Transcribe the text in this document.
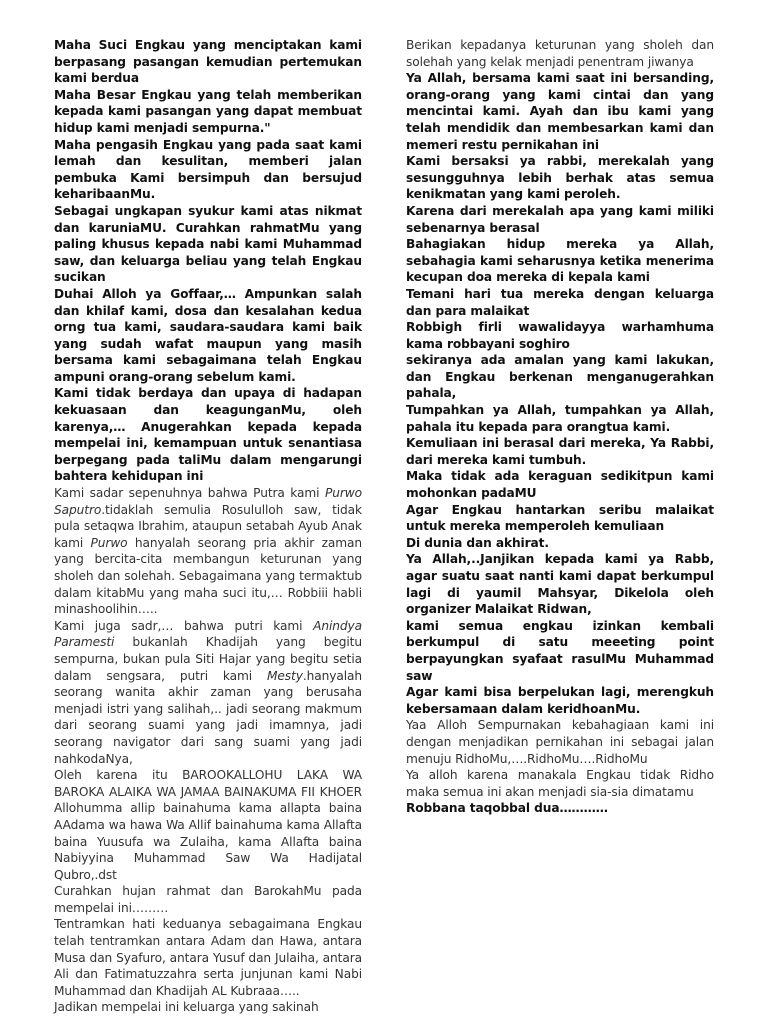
Maha Suci Engkau yang menciptakan kami berpasang pasangan kemudian pertemukan kami berdua

Maha Besar Engkau yang telah memberikan kepada kami pasangan yang dapat membuat hidup kami menjadi sempurna."

Maha pengasih Engkau yang pada saat kami lemah dan kesulitan, memberi jalan pembuka Kami bersimpuh dan bersujud keharibaanMu.

Sebagai ungkapan syukur kami atas nikmat dan karuniaMU. Curahkan rahmatMu yang paling khusus kepada nabi kami Muhammad saw, dan keluarga beliau yang telah Engkau sucikan

Duhai Alloh ya Goffaar,… Ampunkan salah dan khilaf kami, dosa dan kesalahan kedua orng tua kami, saudara-saudara kami baik yang sudah wafat maupun yang masih bersama kami sebagaimana telah Engkau ampuni orang-orang sebelum kami.

Kami tidak berdaya dan upaya di hadapan kekuasaan dan keagunganMu, oleh karenya,… Anugerahkan kepada kepada mempelai ini, kemampuan untuk senantiasa berpegang pada taliMu dalam mengarungi bahtera kehidupan ini

Kami sadar sepenuhnya bahwa Putra kami Purwo Saputro.tidaklah semulia Rosululloh saw, tidak pula setaqwa Ibrahim, ataupun setabah Ayub Anak kami Purwo hanyalah seorang pria akhir zaman yang bercita-cita membangun keturunan yang sholeh dan solehah. Sebagaimana yang termaktub dalam kitabMu yang maha suci itu,… Robbiii habli minashoolihin…..

Kami juga sadr,… bahwa putri kami Anindya Paramesti bukanlah Khadijah yang begitu sempurna, bukan pula Siti Hajar yang begitu setia dalam sengsara, putri kami Mesty.hanyalah seorang wanita akhir zaman yang berusaha menjadi istri yang salihah,.. jadi seorang makmum dari seorang suami yang jadi imamnya, jadi seorang navigator dari sang suami yang jadi nahkodaNya,

Oleh karena itu BAROOKALLOHU LAKA WA BAROKA ALAIKA WA JAMAA BAINAKUMA FII KHOER Allohumma allip bainahuma kama allapta baina AAdama wa hawa Wa Allif bainahuma kama Allafta baina Yuusufa wa Zulaiha, kama Allafta baina Nabiyyina Muhammad Saw Wa Hadijatal Qubro,.dst

Curahkan hujan rahmat dan BarokahMu pada mempelai ini………

Tentramkan hati keduanya sebagaimana Engkau telah tentramkan antara Adam dan Hawa, antara Musa dan Syafuro, antara Yusuf dan Julaiha, antara Ali dan Fatimatuzzahra serta junjunan kami Nabi Muhammad dan Khadijah AL Kubraaa…..

Jadikan mempelai ini keluarga yang sakinah

Berikan kepadanya keturunan yang sholeh dan solehah yang kelak menjadi penentram jiwanya

Ya Allah, bersama kami saat ini bersanding, orang-orang yang kami cintai dan yang mencintai kami. Ayah dan ibu kami yang telah mendidik dan membesarkan kami dan memeri restu pernikahan ini

Kami bersaksi ya rabbi, merekalah yang sesungguhnya lebih berhak atas semua kenikmatan yang kami peroleh.

Karena dari merekalah apa yang kami miliki sebenarnya berasal

Bahagiakan hidup mereka ya Allah, sebahagia kami seharusnya ketika menerima kecupan doa mereka di kepala kami

Temani hari tua mereka dengan keluarga dan para malaikat

Robbigh firli wawalidayya warhamhuma kama robbayani soghiro

sekiranya ada amalan yang kami lakukan, dan Engkau berkenan menganugerahkan pahala,

Tumpahkan ya Allah, tumpahkan ya Allah, pahala itu kepada para orangtua kami.

Kemuliaan ini berasal dari mereka, Ya Rabbi, dari mereka kami tumbuh.

Maka tidak ada keraguan sedikitpun kami mohonkan padaMU

Agar Engkau hantarkan seribu malaikat untuk mereka memperoleh kemuliaan

Di dunia dan akhirat.

Ya Allah,..Janjikan kepada kami ya Rabb, agar suatu saat nanti kami dapat berkumpul lagi di yaumil Mahsyar, Dikelola oleh organizer Malaikat Ridwan,

kami semua engkau izinkan kembali berkumpul di satu meeeting point berpayungkan syafaat rasulMu Muhammad saw

Agar kami bisa berpelukan lagi, merengkuh kebersamaan dalam keridhoanMu.

Yaa Alloh Sempurnakan kebahagiaan kami ini dengan menjadikan pernikahan ini sebagai jalan menuju RidhoMu,….RidhoMu….RidhoMu

Ya alloh karena manakala Engkau tidak Ridho maka semua ini akan menjadi sia-sia dimatamu

Robbana taqobbal dua…………
